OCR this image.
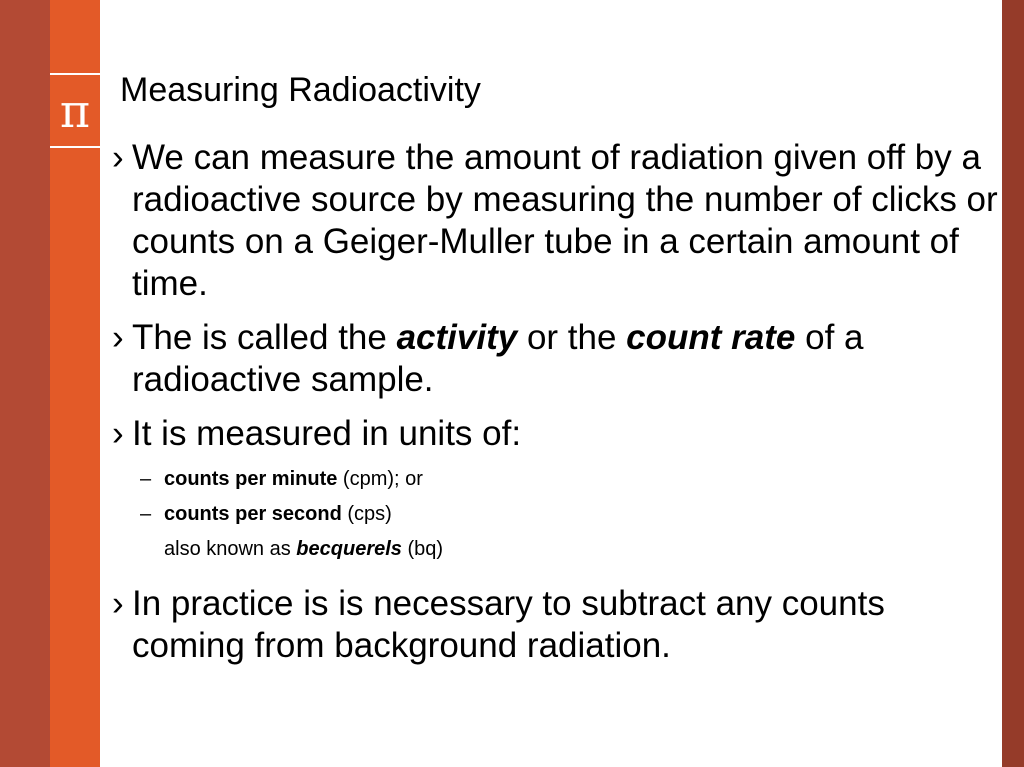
π Measuring Radioactivity
› We can measure the amount of radiation given off by a radioactive source by measuring the number of clicks or counts on a Geiger-Muller tube in a certain amount of time.
› The is called the activity or the count rate of a radioactive sample.
› It is measured in units of:
– counts per minute (cpm); or
– counts per second (cps)
also known as becquerels (bq)
› In practice is is necessary to subtract any counts coming from background radiation.
